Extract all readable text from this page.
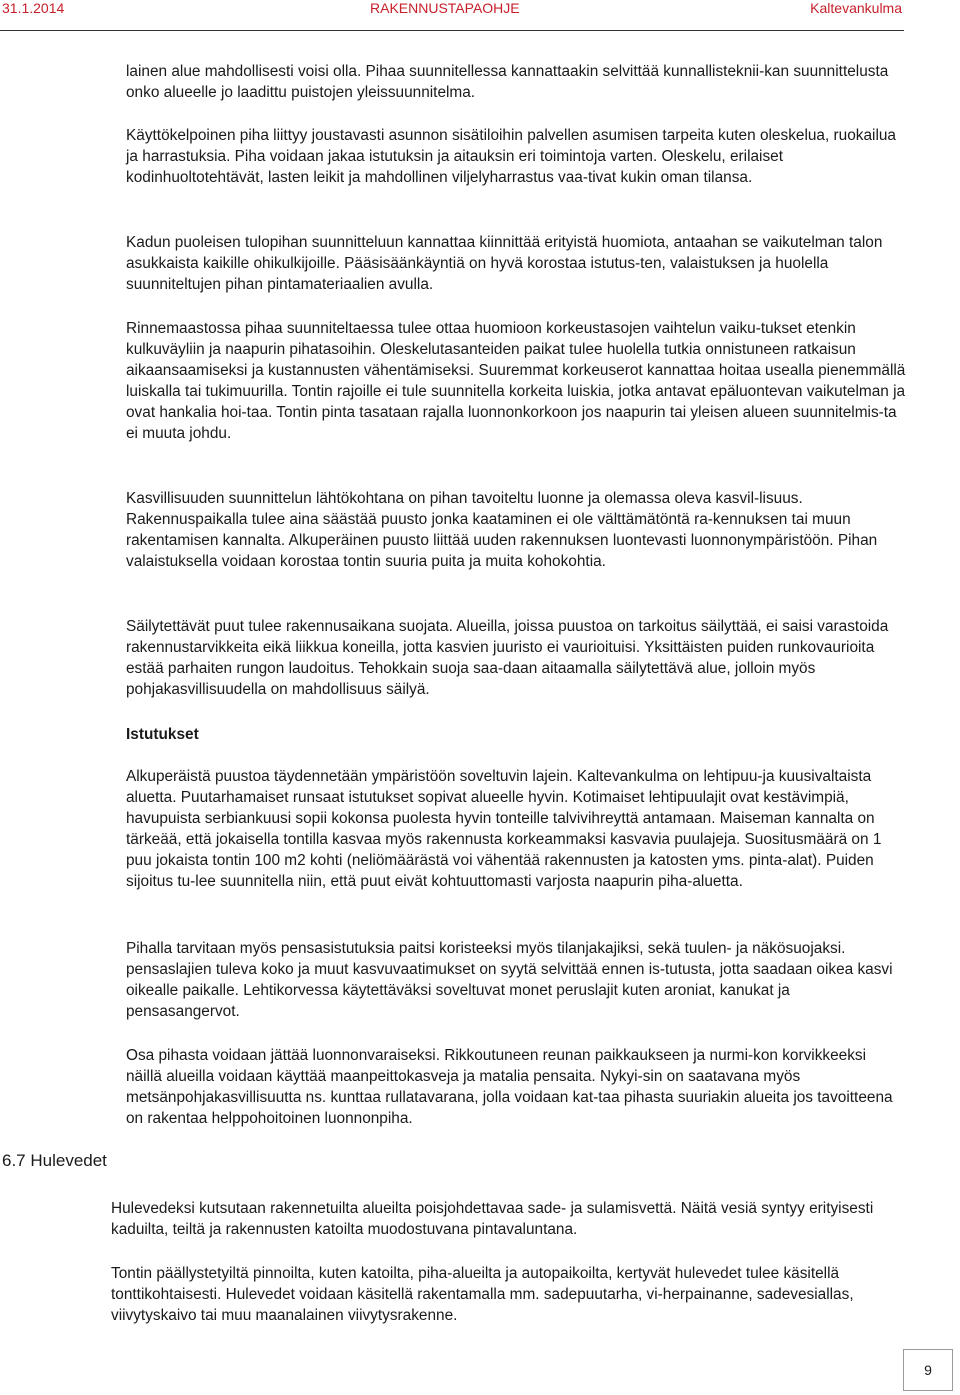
31.1.2014	RAKENNUSTAPAOHJE	Kaltevankulma

lainen alue mahdollisesti voisi olla. Pihaa suunnitellessa kannattaakin selvittää kunnallisteknii-kan suunnittelusta onko alueelle jo laadittu puistojen yleissuunnitelma.

Käyttökelpoinen piha liittyy joustavasti asunnon sisätiloihin palvellen asumisen tarpeita kuten oleskelua, ruokailua ja harrastuksia. Piha voidaan jakaa istutuksin ja aitauksin eri toimintoja varten. Oleskelu, erilaiset kodinhuoltotehtävät, lasten leikit ja mahdollinen viljelyharrastus vaa-tivat kukin oman tilansa.

Kadun puoleisen tulopihan suunnitteluun kannattaa kiinnittää erityistä huomiota, antaahan se vaikutelman talon asukkaista kaikille ohikulkijoille. Pääsisäänkäyntiä on hyvä korostaa istutus-ten, valaistuksen ja huolella suunniteltujen pihan pintamateriaalien avulla.

Rinnemaastossa pihaa suunniteltaessa tulee ottaa huomioon korkeustasojen vaihtelun vaiku-tukset etenkin kulkuväyliin ja naapurin pihatasoihin. Oleskelutasanteiden paikat tulee huolella tutkia onnistuneen ratkaisun aikaansaamiseksi ja kustannusten vähentämiseksi. Suuremmat korkeuserot kannattaa hoitaa usealla pienemmällä luiskalla tai tukimuurilla. Tontin rajoille ei tule suunnitella korkeita luiskia, jotka antavat epäluontevan vaikutelman ja ovat hankalia hoi-taa. Tontin pinta tasataan rajalla luonnonkorkoon jos naapurin tai yleisen alueen suunnitelmis-ta ei muuta johdu.

Kasvillisuuden suunnittelun lähtökohtana on pihan tavoiteltu luonne ja olemassa oleva kasvil-lisuus. Rakennuspaikalla tulee aina säästää puusto jonka kaataminen ei ole välttämätöntä ra-kennuksen tai muun rakentamisen kannalta. Alkuperäinen puusto liittää uuden rakennuksen luontevasti luonnonympäristöön. Pihan valaistuksella voidaan korostaa tontin suuria puita ja muita kohokohtia.

Säilytettävät puut tulee rakennusaikana suojata. Alueilla, joissa puustoa on tarkoitus säilyttää, ei saisi varastoida rakennustarvikkeita eikä liikkua koneilla, jotta kasvien juuristo ei vaurioituisi. Yksittäisten puiden runkovaurioita estää parhaiten rungon laudoitus. Tehokkain suoja saa-daan aitaamalla säilytettävä alue, jolloin myös pohjakasvillisuudella on mahdollisuus säilyä.

Istutukset

Alkuperäistä puustoa täydennetään ympäristöön soveltuvin lajein. Kaltevankulma on lehtipuu-ja kuusivaltaista aluetta. Puutarhamaiset runsaat istutukset sopivat alueelle hyvin. Kotimaiset lehtipuulajit ovat kestävimpiä, havupuista serbiankuusi sopii kokonsa puolesta hyvin tonteille talvivihreyttä antamaan. Maiseman kannalta on tärkeää, että jokaisella tontilla kasvaa myös rakennusta korkeammaksi kasvavia puulajeja. Suositusmäärä on 1 puu jokaista tontin 100 m2 kohti (neliömäärästä voi vähentää rakennusten ja katosten yms. pinta-alat). Puiden sijoitus tu-lee suunnitella niin, että puut eivät kohtuuttomasti varjosta naapurin piha-aluetta.

Pihalla tarvitaan myös pensasistutuksia paitsi koristeeksi myös tilanjakajiksi, sekä tuulen- ja näkösuojaksi. pensaslajien tuleva koko ja muut kasvuvaatimukset on syytä selvittää ennen is-tutusta, jotta saadaan oikea kasvi oikealle paikalle. Lehtikorvessa käytettäväksi soveltuvat monet peruslajit kuten aroniat, kanukat ja pensasangervot.

Osa pihasta voidaan jättää luonnonvaraiseksi. Rikkoutuneen reunan paikkaukseen ja nurmi-kon korvikkeeksi näillä alueilla voidaan käyttää maanpeittokasveja ja matalia pensaita. Nykyi-sin on saatavana myös metsänpohjakasvillisuutta ns. kunttaa rullatavarana, jolla voidaan kat-taa pihasta suuriakin alueita jos tavoitteena on rakentaa helppohoitoinen luonnonpiha.

6.7 Hulevedet

Hulevedeksi kutsutaan rakennetuilta alueilta poisjohdettavaa sade- ja sulamisvettä. Näitä vesiä syntyy erityisesti kaduilta, teiltä ja rakennusten katoilta muodostuvana pintavaluntana.

Tontin päällystetyiltä pinnoilta, kuten katoilta, piha-alueilta ja autopaikoilta, kertyvät hulevedet tulee käsitellä tonttikohtaisesti. Hulevedet voidaan käsitellä rakentamalla mm. sadepuutarha, vi-herpainanne, sadevesiallas, viivytyskaivo tai muu maanalainen viivytysrakenne.

9
